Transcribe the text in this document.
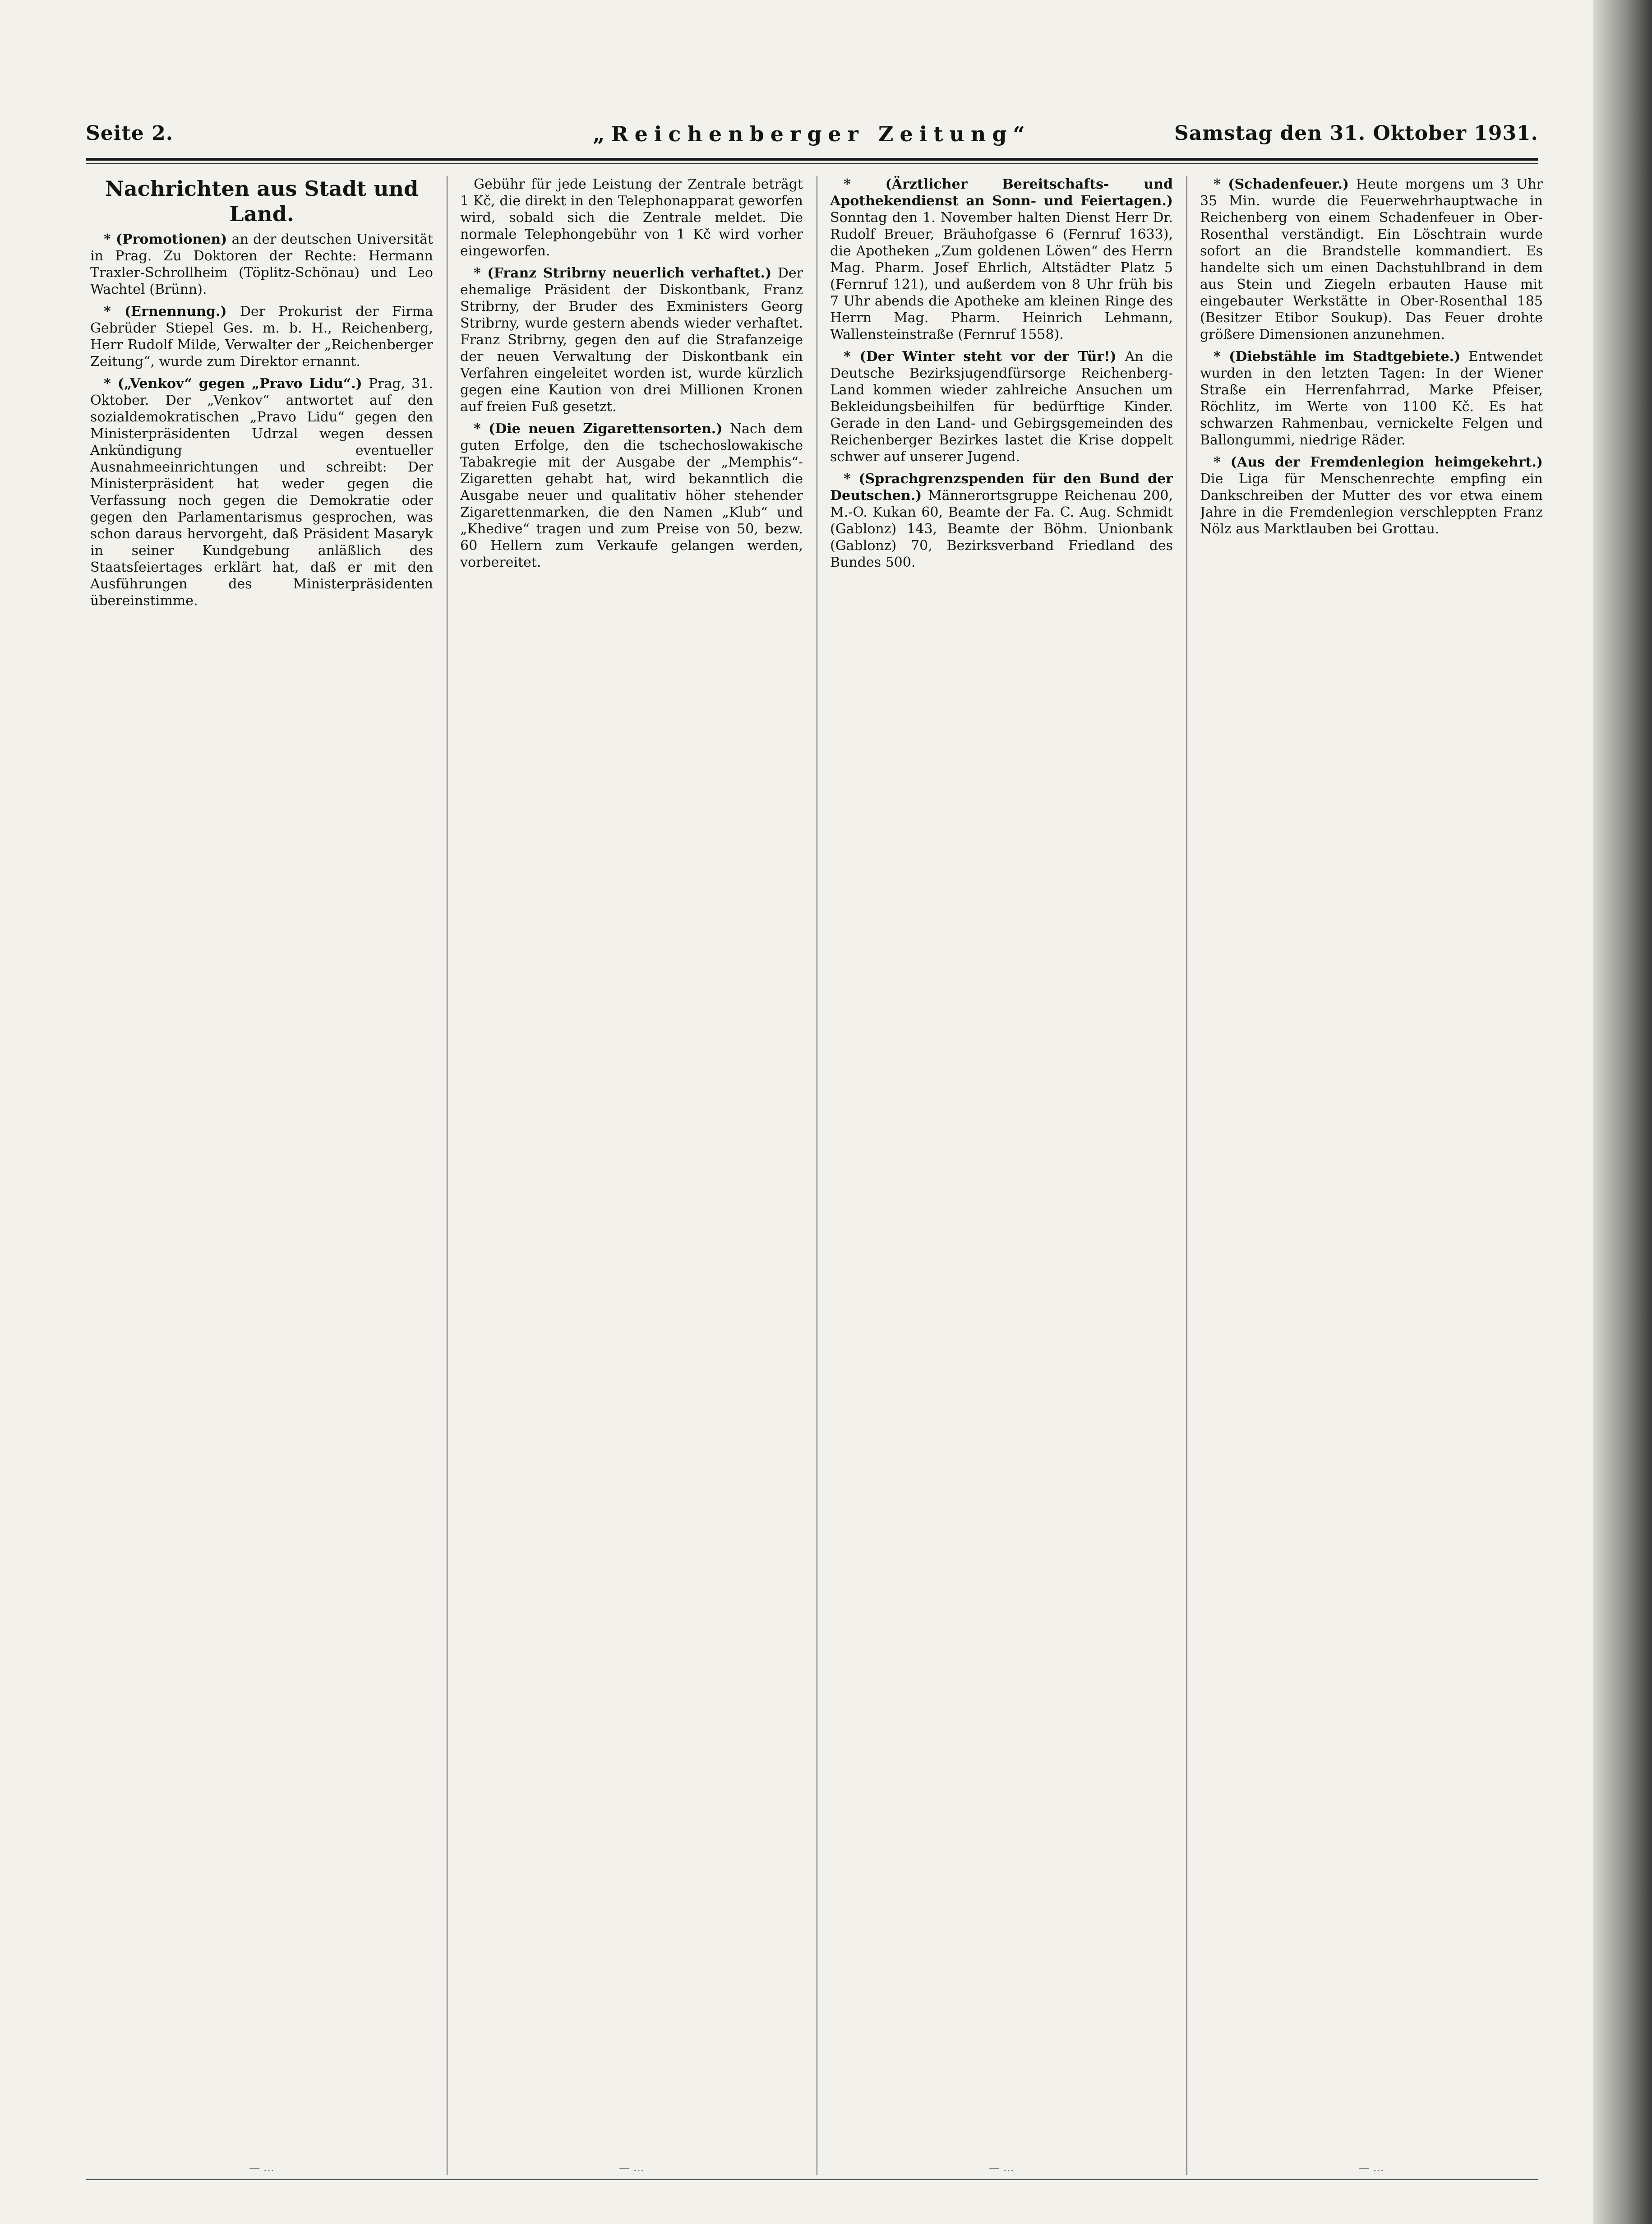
Seite 2.	„Reichenberger Zeitung“	Samstag den 31. Oktober 1931.
Nachrichten aus Stadt und Land.

* (Promotionen) an der deutschen Universität in Prag. Zu Doktoren der Rechte: Hermann Traxler-Schrollheim (Töplitz-Schönau) und Leo Wachtel (Brünn).

* (Ernennung.) Der Prokurist der Firma Gebrüder Stiepel Ges. m. b. H., Reichenberg, Herr Rudolf Milde, Verwalter der „Reichenberger Zeitung“, wurde zum Direktor ernannt.

* („Venkov“ gegen „Pravo Lidu“.) Prag, 31. Oktober. Der „Venkov“ antwortet auf den sozialdemokratischen „Pravo Lidu“ gegen den Ministerpräsidenten Udrzal wegen dessen Ankündigung eventueller Ausnahmeeinrichtungen und schreibt: Der Ministerpräsident hat weder gegen die Verfassung noch gegen die Demokratie oder gegen den Parlamentarismus gesprochen, was schon daraus hervorgeht, daß Präsident Masaryk in seiner Kundgebung anläßlich des Staatsfeiertages erklärt hat, daß er mit den Ausführungen des Ministerpräsidenten übereinstimme.

— …

Gebühr für jede Leistung der Zentrale beträgt 1 Kč, die direkt in den Telephonapparat geworfen wird, sobald sich die Zentrale meldet. Die normale Telephongebühr von 1 Kč wird vorher eingeworfen.

* (Franz Stribrny neuerlich verhaftet.) Der ehemalige Präsident der Diskontbank, Franz Stribrny, der Bruder des Exministers Georg Stribrny, wurde gestern abends wieder verhaftet. Franz Stribrny, gegen den auf die Strafanzeige der neuen Verwaltung der Diskontbank ein Verfahren eingeleitet worden ist, wurde kürzlich gegen eine Kaution von drei Millionen Kronen auf freien Fuß gesetzt.

* (Die neuen Zigarettensorten.) Nach dem guten Erfolge, den die tschechoslowakische Tabakregie mit der Ausgabe der „Memphis“-Zigaretten gehabt hat, wird bekanntlich die Ausgabe neuer und qualitativ höher stehender Zigarettenmarken, die den Namen „Klub“ und „Khedive“ tragen und zum Preise von 50, bezw. 60 Hellern zum Verkaufe gelangen werden, vorbereitet.

— …

* (Ärztlicher Bereitschafts- und Apothekendienst an Sonn- und Feiertagen.) Sonntag den 1. November halten Dienst Herr Dr. Rudolf Breuer, Bräuhofgasse 6 (Fernruf 1633), die Apotheken „Zum goldenen Löwen“ des Herrn Mag. Pharm. Josef Ehrlich, Altstädter Platz 5 (Fernruf 121), und außerdem von 8 Uhr früh bis 7 Uhr abends die Apotheke am kleinen Ringe des Herrn Mag. Pharm. Heinrich Lehmann, Wallensteinstraße (Fernruf 1558).

* (Der Winter steht vor der Tür!) An die Deutsche Bezirksjugendfürsorge Reichenberg-Land kommen wieder zahlreiche Ansuchen um Bekleidungsbeihilfen für bedürftige Kinder. Gerade in den Land- und Gebirgsgemeinden des Reichenberger Bezirkes lastet die Krise doppelt schwer auf unserer Jugend.

* (Sprachgrenzspenden für den Bund der Deutschen.) Männerortsgruppe Reichenau 200, M.-O. Kukan 60, Beamte der Fa. C. Aug. Schmidt (Gablonz) 143, Beamte der Böhm. Unionbank (Gablonz) 70, Bezirksverband Friedland des Bundes 500.

— …

* (Schadenfeuer.) Heute morgens um 3 Uhr 35 Min. wurde die Feuerwehrhauptwache in Reichenberg von einem Schadenfeuer in Ober-Rosenthal verständigt. Ein Löschtrain wurde sofort an die Brandstelle kommandiert. Es handelte sich um einen Dachstuhlbrand in dem aus Stein und Ziegeln erbauten Hause mit eingebauter Werkstätte in Ober-Rosenthal 185 (Besitzer Etibor Soukup). Das Feuer drohte größere Dimensionen anzunehmen.

* (Diebstähle im Stadtgebiete.) Entwendet wurden in den letzten Tagen: In der Wiener Straße ein Herrenfahrrad, Marke Pfeiser, Röchlitz, im Werte von 1100 Kč. Es hat schwarzen Rahmenbau, vernickelte Felgen und Ballongummi, niedrige Räder.

* (Aus der Fremdenlegion heimgekehrt.) Die Liga für Menschenrechte empfing ein Dankschreiben der Mutter des vor etwa einem Jahre in die Fremdenlegion verschleppten Franz Nölz aus Marktlauben bei Grottau.

— …
